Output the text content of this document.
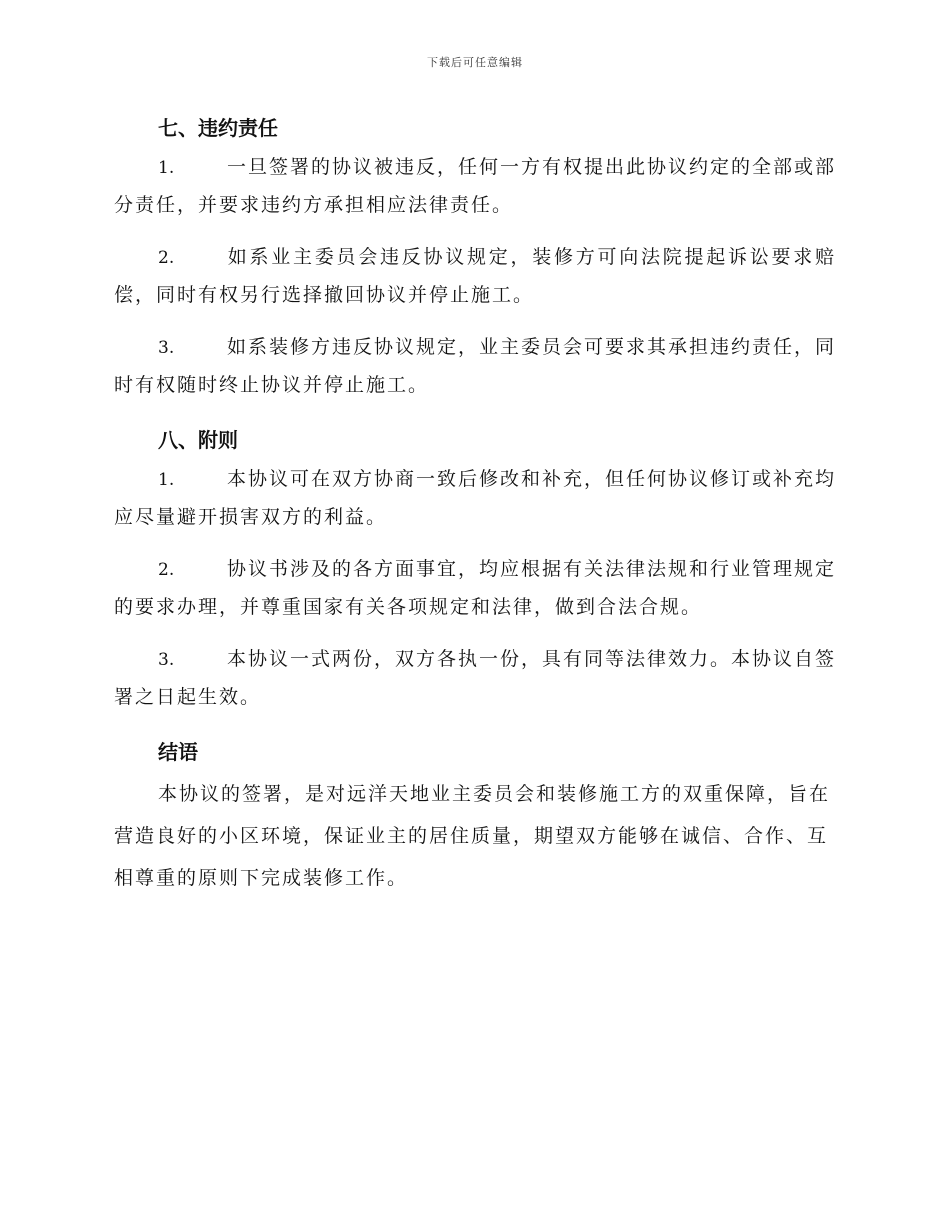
下载后可任意编辑
七、违约责任

1.	一旦签署的协议被违反，任何一方有权提出此协议约定的全部或部分责任，并要求违约方承担相应法律责任。

2.	如系业主委员会违反协议规定，装修方可向法院提起诉讼要求赔偿，同时有权另行选择撤回协议并停止施工。

3.	如系装修方违反协议规定，业主委员会可要求其承担违约责任，同时有权随时终止协议并停止施工。

八、附则

1.	本协议可在双方协商一致后修改和补充，但任何协议修订或补充均应尽量避开损害双方的利益。

2.	协议书涉及的各方面事宜，均应根据有关法律法规和行业管理规定的要求办理，并尊重国家有关各项规定和法律，做到合法合规。

3.	本协议一式两份，双方各执一份，具有同等法律效力。本协议自签署之日起生效。

结语

本协议的签署，是对远洋天地业主委员会和装修施工方的双重保障，旨在营造良好的小区环境，保证业主的居住质量，期望双方能够在诚信、合作、互相尊重的原则下完成装修工作。
